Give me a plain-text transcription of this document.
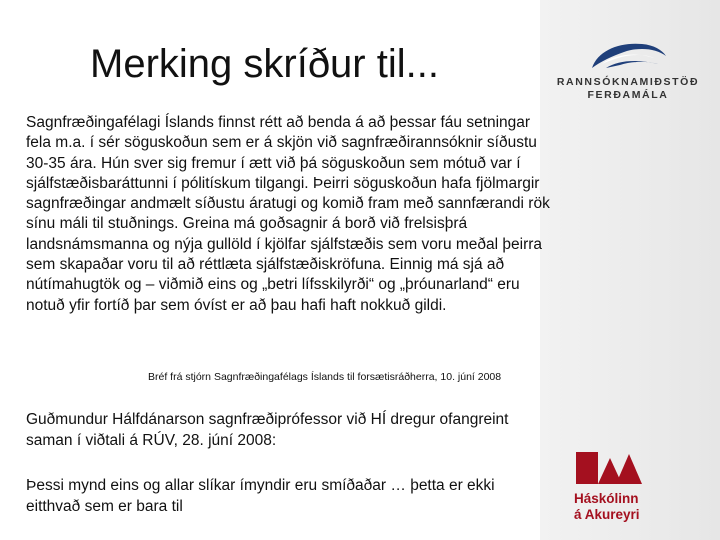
Merking skríður til...	RANNSÓKNAMIÐSTÖÐ
FERÐAMÁLA
Sagnfræðingafélagi Íslands finnst rétt að benda á að þessar fáu setningar fela m.a. í sér söguskoðun sem er á skjön við sagnfræðirannsóknir síðustu 30-35 ára. Hún sver sig fremur í ætt við þá söguskoðun sem mótuð var í sjálfstæðisbaráttunni í pólitískum tilgangi. Þeirri söguskoðun hafa fjölmargir sagnfræðingar andmælt síðustu áratugi og komið fram með sannfærandi rök sínu máli til stuðnings. Greina má goðsagnir á borð við frelsisþrá landsnámsmanna og nýja gullöld í kjölfar sjálfstæðis sem voru meðal þeirra sem skapaðar voru til að réttlæta sjálfstæðiskröfuna. Einnig má sjá að nútímahugtök og – viðmið eins og „betri lífsskilyrði“ og „þróunarland“ eru notuð yfir fortíð þar sem óvíst er að þau hafi haft nokkuð gildi.
Bréf frá stjórn Sagnfræðingafélags Íslands til forsætisráðherra, 10. júní 2008
Guðmundur Hálfdánarson sagnfræðiprófessor við HÍ dregur ofangreint saman í viðtali á RÚV, 28. júní 2008:
Þessi mynd eins og allar slíkar ímyndir eru smíðaðar … þetta er ekki eitthvað sem er bara til	Háskólinn
á Akureyri
